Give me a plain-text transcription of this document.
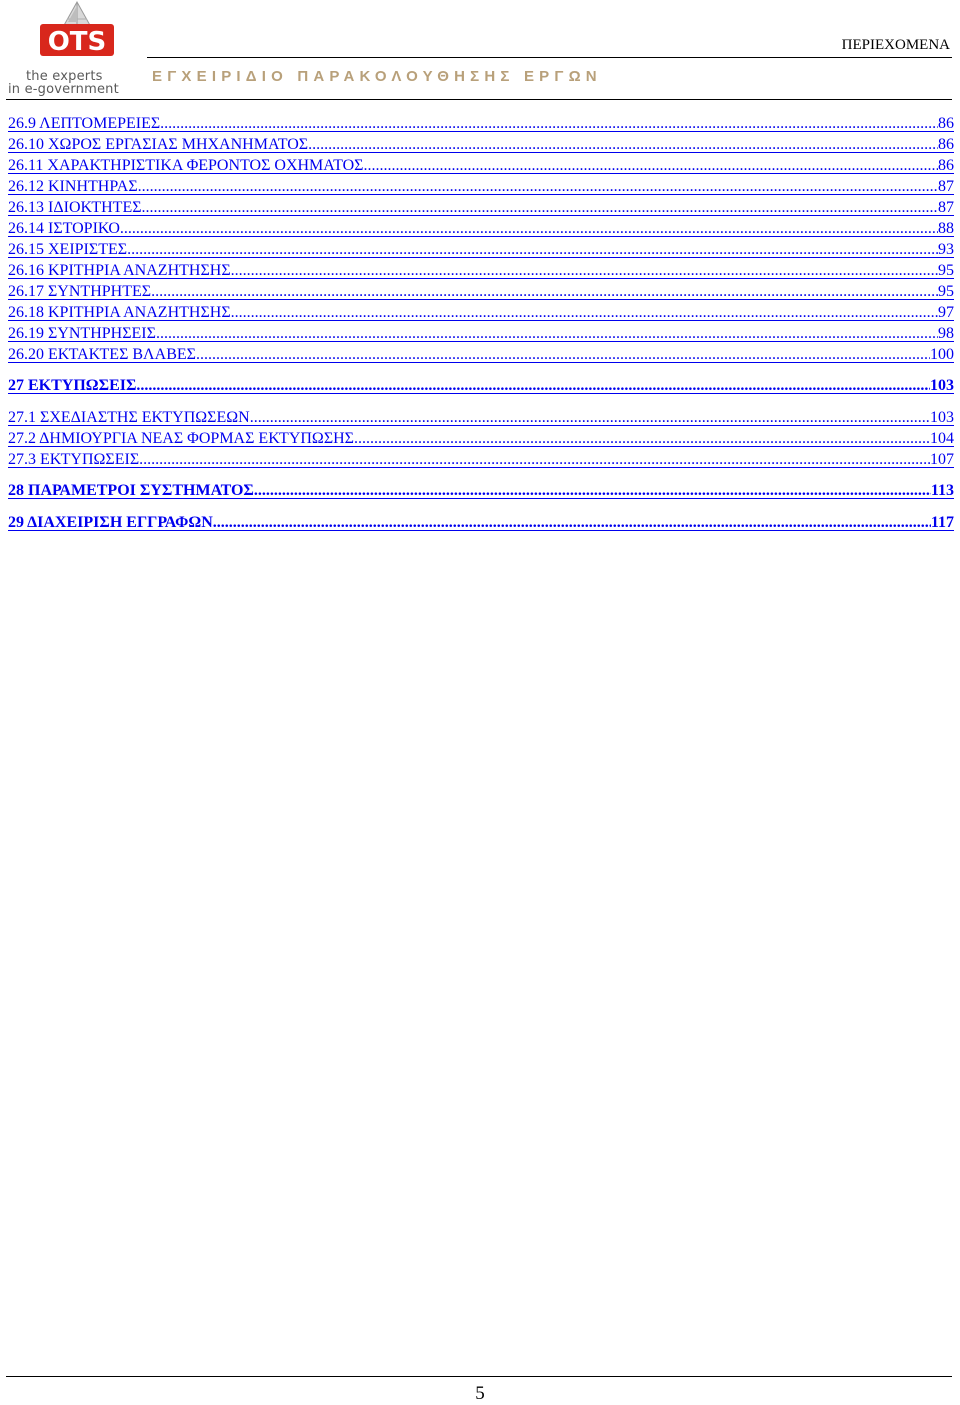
OTS
the experts
in e-government
ΠΕΡΙΕΧΟΜΕΝΑ
ΕΓΧΕΙΡΙΔΙΟ ΠΑΡΑΚΟΛΟΥΘΗΣΗΣ ΕΡΓΩΝ
26.9 ΛΕΠΤΟΜΕΡΕΙΕΣ .....	86
26.10 ΧΩΡΟΣ ΕΡΓΑΣΙΑΣ ΜΗΧΑΝΗΜΑΤΟΣ .....	86
26.11 ΧΑΡΑΚΤΗΡΙΣΤΙΚΑ ΦΕΡΟΝΤΟΣ ΟΧΗΜΑΤΟΣ .....	86
26.12 ΚΙΝΗΤΗΡΑΣ .....	87
26.13 ΙΔΙΟΚΤΗΤΕΣ .....	87
26.14 ΙΣΤΟΡΙΚΟ .....	88
26.15 ΧΕΙΡΙΣΤΕΣ .....	93
26.16 ΚΡΙΤΗΡΙΑ ΑΝΑΖΗΤΗΣΗΣ .....	95
26.17 ΣΥΝΤΗΡΗΤΕΣ .....	95
26.18 ΚΡΙΤΗΡΙΑ ΑΝΑΖΗΤΗΣΗΣ .....	97
26.19 ΣΥΝΤΗΡΗΣΕΙΣ .....	98
26.20 ΕΚΤΑΚΤΕΣ ΒΛΑΒΕΣ .....	100
27 ΕΚΤΥΠΩΣΕΙΣ .....	103
27.1 ΣΧΕΔΙΑΣΤΗΣ ΕΚΤΥΠΩΣΕΩΝ .....	103
27.2 ΔΗΜΙΟΥΡΓΙΑ ΝΕΑΣ ΦΟΡΜΑΣ ΕΚΤΥΠΩΣΗΣ .....	104
27.3 ΕΚΤΥΠΩΣΕΙΣ .....	107
28 ΠΑΡΑΜΕΤΡΟΙ ΣΥΣΤΗΜΑΤΟΣ .....	113
29 ΔΙΑΧΕΙΡΙΣΗ ΕΓΓΡΑΦΩΝ .....	117
5
